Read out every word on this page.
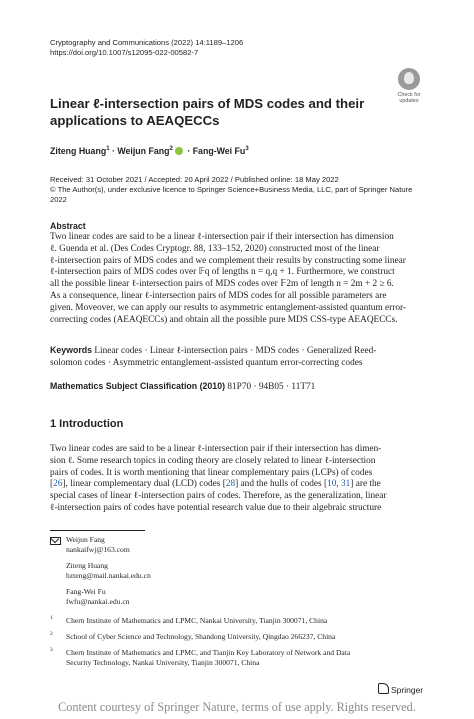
Cryptography and Communications (2022) 14:1189–1206
https://doi.org/10.1007/s12095-022-00582-7
Check for
updates
Linear ℓ-intersection pairs of MDS codes and their
applications to AEAQECCs
Ziteng Huang$^1$ · Weijun Fang$^2$ · Fang-Wei Fu$^3$
Received: 31 October 2021 / Accepted: 20 April 2022 / Published online: 18 May 2022
© The Author(s), under exclusive licence to Springer Science+Business Media, LLC, part of Springer Nature 2022
Abstract
Two linear codes are said to be a linear ℓ-intersection pair if their intersection has dimension
ℓ. Guenda et al. (Des Codes Cryptogr. 88, 133–152, 2020) constructed most of the linear
ℓ-intersection pairs of MDS codes and we complement their results by constructing some linear
ℓ-intersection pairs of MDS codes over 𝔽q of lengths n = q,q + 1. Furthermore, we construct
all the possible linear ℓ-intersection pairs of MDS codes over 𝔽2m of length n = 2m + 2 ≥ 6.
As a consequence, linear ℓ-intersection pairs of MDS codes for all possible parameters are
given. Moveover, we can apply our results to asymmetric entanglement-assisted quantum error-
correcting codes (AEAQECCs) and obtain all the possible pure MDS CSS-type AEAQECCs.
Keywords Linear codes · Linear ℓ-intersection pairs · MDS codes · Generalized Reed-
solomon codes · Asymmetric entanglement-assisted quantum error-correcting codes
Mathematics Subject Classification (2010) 81P70 · 94B05 · 11T71
1 Introduction
Two linear codes are said to be a linear ℓ-intersection pair if their intersection has dimen-
sion ℓ. Some research topics in coding theory are closely related to linear ℓ-intersection
pairs of codes. It is worth mentioning that linear complementary pairs (LCPs) of codes
[26], linear complementary dual (LCD) codes [28] and the hulls of codes [10, 31] are the
special cases of linear ℓ-intersection pairs of codes. Therefore, as the generalization, linear
ℓ-intersection pairs of codes have potential research value due to their algebraic structure
Weijun Fang
nankaifwj@163.com
Ziteng Huang
hzteng@mail.nankai.edu.cn
Fang-Wei Fu
fwfu@nankai.edu.cn
1 Chern Institute of Mathematics and LPMC, Nankai University, Tianjin 300071, China
2 School of Cyber Science and Technology, Shandong University, Qingdao 266237, China
3 Chern Institute of Mathematics and LPMC, and Tianjin Key Laboratory of Network and Data
Security Technology, Nankai University, Tianjin 300071, China
Springer
Content courtesy of Springer Nature, terms of use apply. Rights reserved.
